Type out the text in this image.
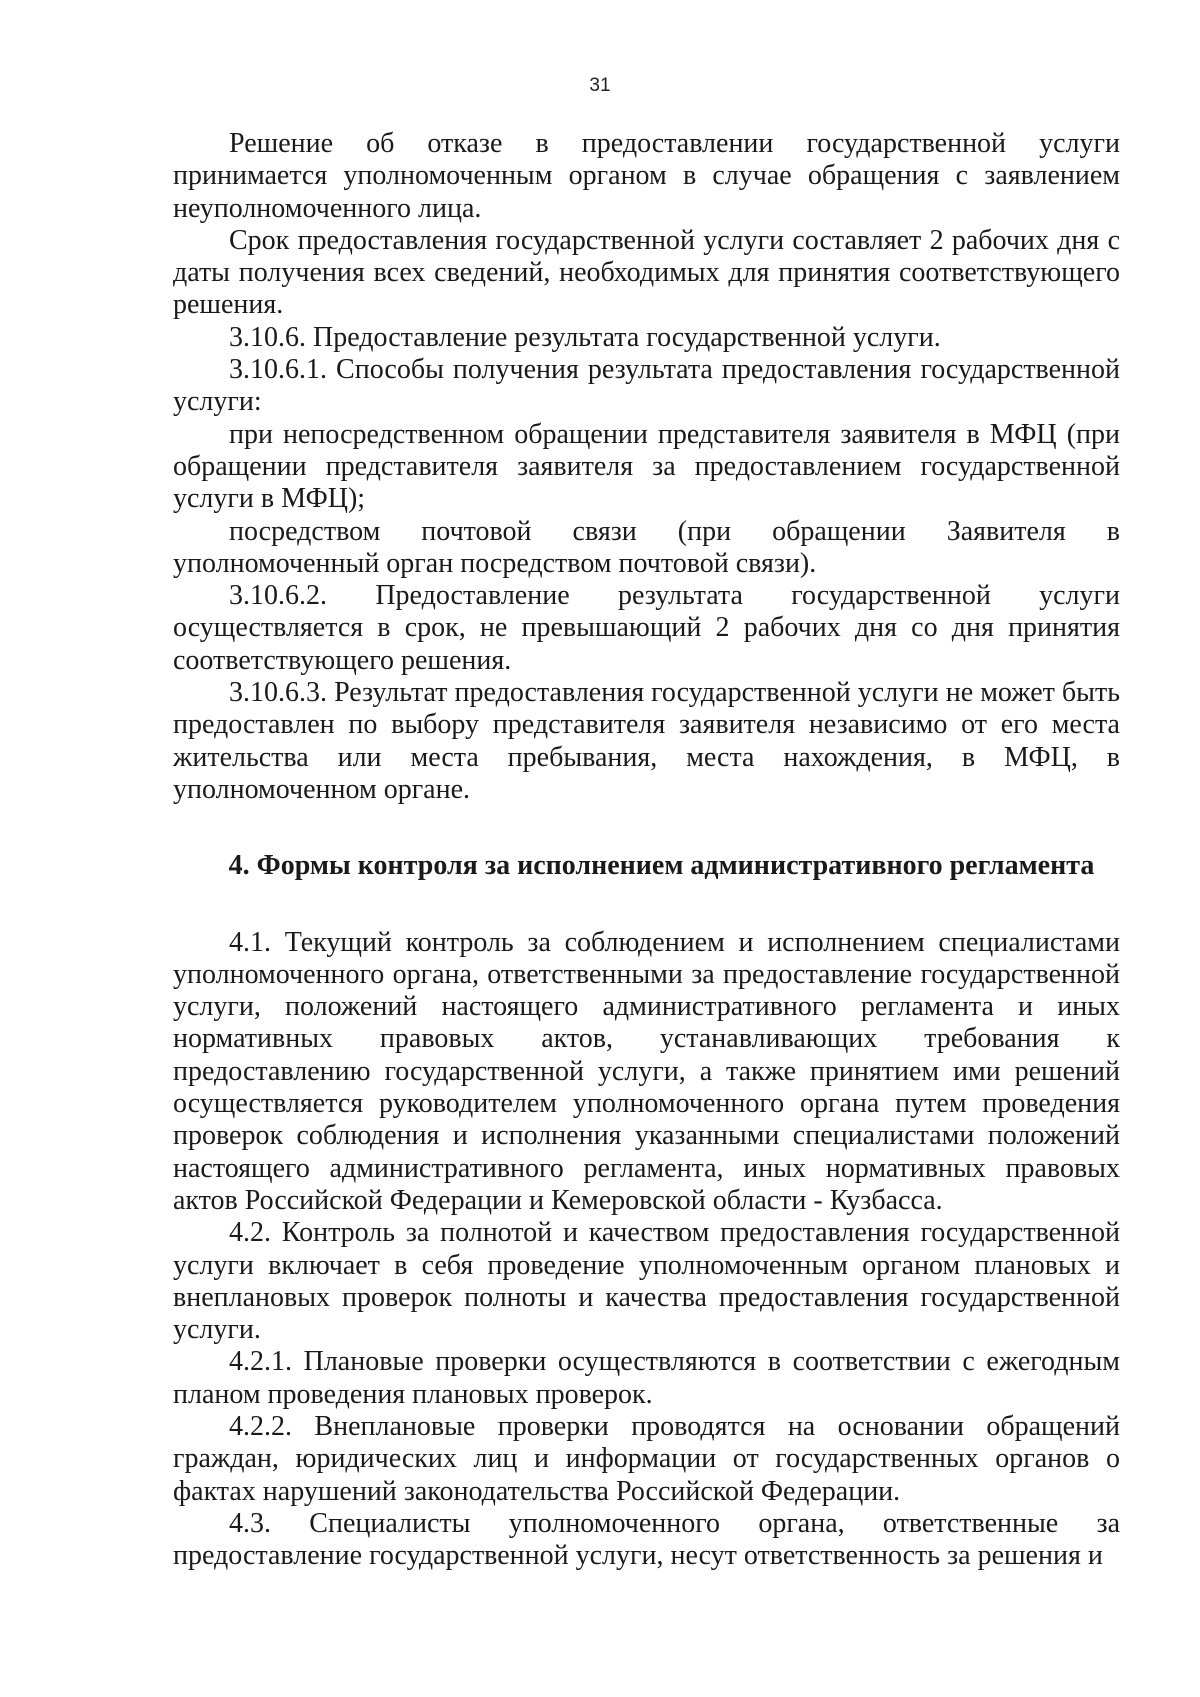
31

Решение об отказе в предоставлении государственной услуги принимается уполномоченным органом в случае обращения с заявлением неуполномоченного лица.

Срок предоставления государственной услуги составляет 2 рабочих дня с даты получения всех сведений, необходимых для принятия соответствующего решения.

3.10.6. Предоставление результата государственной услуги.

3.10.6.1. Способы получения результата предоставления государственной услуги:

при непосредственном обращении представителя заявителя в МФЦ (при обращении представителя заявителя за предоставлением государственной услуги в МФЦ);

посредством почтовой связи (при обращении Заявителя в уполномоченный орган посредством почтовой связи).

3.10.6.2. Предоставление результата государственной услуги осуществляется в срок, не превышающий 2 рабочих дня со дня принятия соответствующего решения.

3.10.6.3. Результат предоставления государственной услуги не может быть предоставлен по выбору представителя заявителя независимо от его места жительства или места пребывания, места нахождения, в МФЦ, в уполномоченном органе.

4. Формы контроля за исполнением административного регламента

4.1. Текущий контроль за соблюдением и исполнением специалистами уполномоченного органа, ответственными за предоставление государственной услуги, положений настоящего административного регламента и иных нормативных правовых актов, устанавливающих требования к предоставлению государственной услуги, а также принятием ими решений осуществляется руководителем уполномоченного органа путем проведения проверок соблюдения и исполнения указанными специалистами положений настоящего административного регламента, иных нормативных правовых актов Российской Федерации и Кемеровской области - Кузбасса.

4.2. Контроль за полнотой и качеством предоставления государственной услуги включает в себя проведение уполномоченным органом плановых и внеплановых проверок полноты и качества предоставления государственной услуги.

4.2.1. Плановые проверки осуществляются в соответствии с ежегодным планом проведения плановых проверок.

4.2.2. Внеплановые проверки проводятся на основании обращений граждан, юридических лиц и информации от государственных органов о фактах нарушений законодательства Российской Федерации.

4.3. Специалисты уполномоченного органа, ответственные за предоставление государственной услуги, несут ответственность за решения и
